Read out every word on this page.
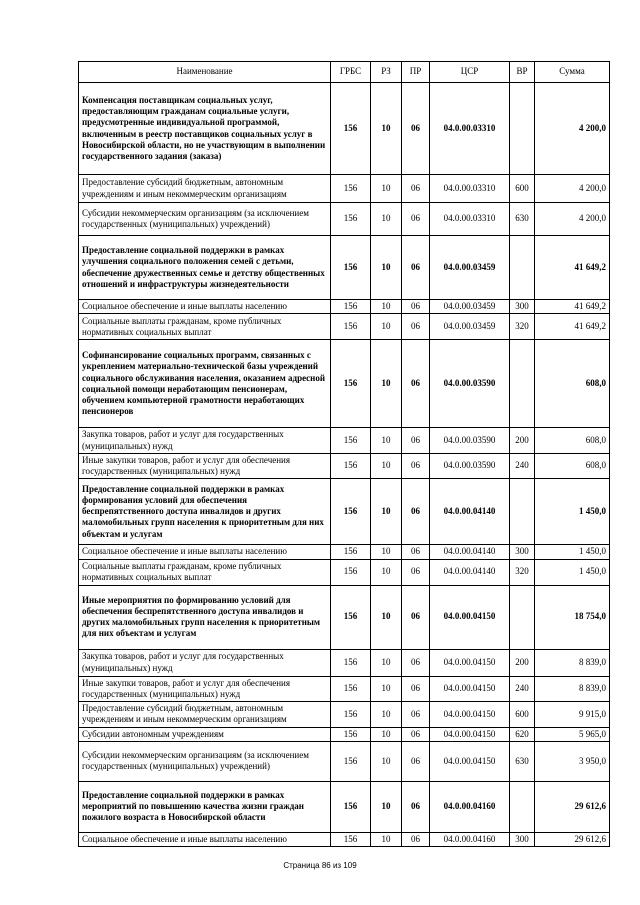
Наименование	ГРБС	РЗ	ПР	ЦСР	ВР	Сумма
Компенсация поставщикам социальных услуг, предоставляющим гражданам социальные услуги, предусмотренные индивидуальной программой, включенным в реестр поставщиков социальных услуг в Новосибирской области, но не участвующим в выполнении государственного задания (заказа)	156	10	06	04.0.00.03310		4 200,0
Предоставление субсидий бюджетным, автономным учреждениям и иным некоммерческим организациям	156	10	06	04.0.00.03310	600	4 200,0
Субсидии некоммерческим организациям (за исключением государственных (муниципальных) учреждений)	156	10	06	04.0.00.03310	630	4 200,0
Предоставление социальной поддержки в рамках улучшения социального положения семей с детьми, обеспечение дружественных семье и детству общественных отношений и инфраструктуры жизнедеятельности	156	10	06	04.0.00.03459		41 649,2
Социальное обеспечение и иные выплаты населению	156	10	06	04.0.00.03459	300	41 649,2
Социальные выплаты гражданам, кроме публичных нормативных социальных выплат	156	10	06	04.0.00.03459	320	41 649,2
Софинансирование социальных программ, связанных с укреплением материально-технической базы учреждений социального обслуживания населения, оказанием адресной социальной помощи неработающим пенсионерам, обучением компьютерной грамотности неработающих пенсионеров	156	10	06	04.0.00.03590		608,0
Закупка товаров, работ и услуг для государственных (муниципальных) нужд	156	10	06	04.0.00.03590	200	608,0
Иные закупки товаров, работ и услуг для обеспечения государственных (муниципальных) нужд	156	10	06	04.0.00.03590	240	608,0
Предоставление социальной поддержки в рамках формирования условий для обеспечения беспрепятственного доступа инвалидов и других маломобильных групп населения к приоритетным для них объектам и услугам	156	10	06	04.0.00.04140		1 450,0
Социальное обеспечение и иные выплаты населению	156	10	06	04.0.00.04140	300	1 450,0
Социальные выплаты гражданам, кроме публичных нормативных социальных выплат	156	10	06	04.0.00.04140	320	1 450,0
Иные мероприятия по формированию условий для обеспечения беспрепятственного доступа инвалидов и других маломобильных групп населения к приоритетным для них объектам и услугам	156	10	06	04.0.00.04150		18 754,0
Закупка товаров, работ и услуг для государственных (муниципальных) нужд	156	10	06	04.0.00.04150	200	8 839,0
Иные закупки товаров, работ и услуг для обеспечения государственных (муниципальных) нужд	156	10	06	04.0.00.04150	240	8 839,0
Предоставление субсидий бюджетным, автономным учреждениям и иным некоммерческим организациям	156	10	06	04.0.00.04150	600	9 915,0
Субсидии автономным учреждениям	156	10	06	04.0.00.04150	620	5 965,0
Субсидии некоммерческим организациям (за исключением государственных (муниципальных) учреждений)	156	10	06	04.0.00.04150	630	3 950,0
Предоставление социальной поддержки в рамках мероприятий по повышению качества жизни граждан пожилого возраста в Новосибирской области	156	10	06	04.0.00.04160		29 612,6
Социальное обеспечение и иные выплаты населению	156	10	06	04.0.00.04160	300	29 612,6
Страница 86 из 109
